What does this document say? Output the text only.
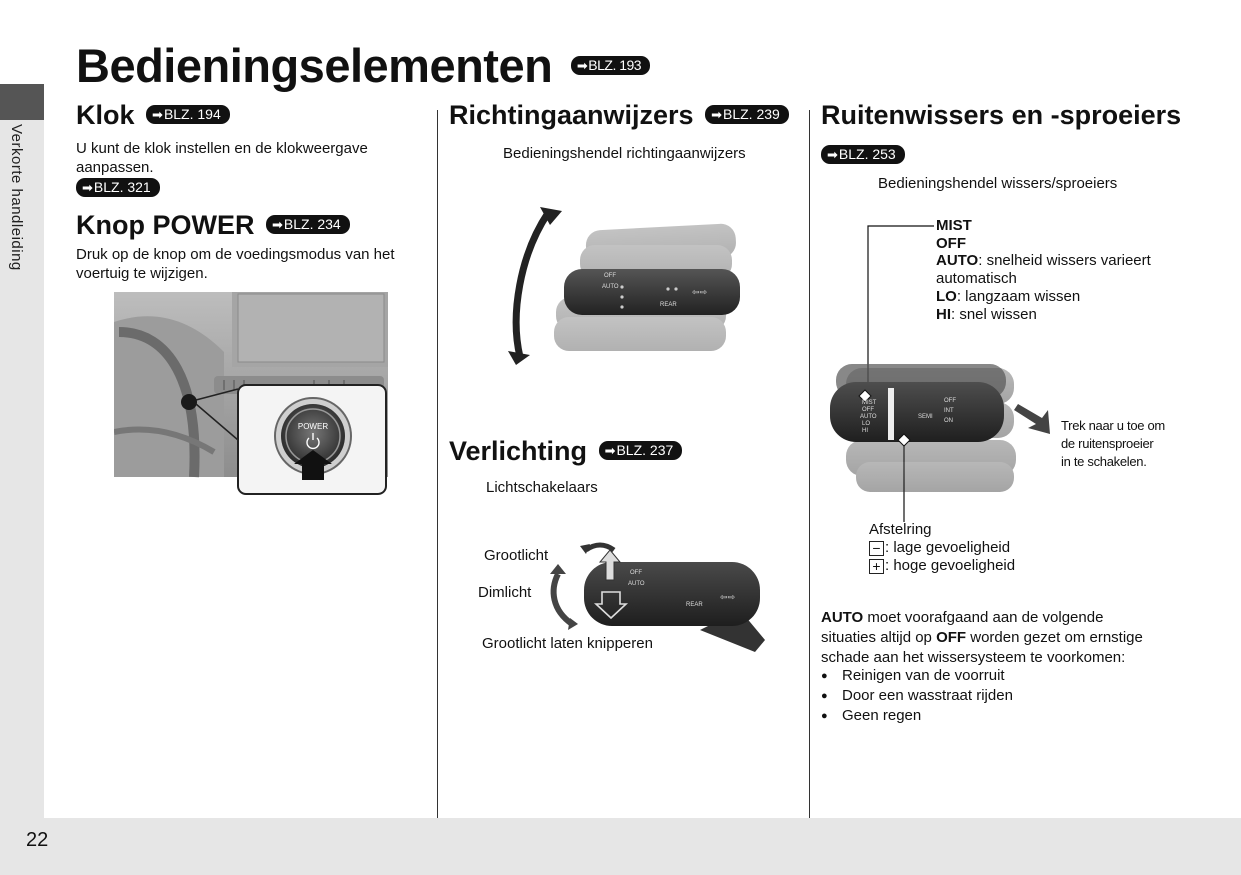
Verkorte handleiding
22
Bedieningselementen ➡BLZ. 193
Klok ➡BLZ. 194
U kunt de klok instellen en de klokweergave aanpassen.
➡BLZ. 321
Knop POWER ➡BLZ. 234
Druk op de knop om de voedingsmodus van het voertuig te wijzigen.
POWER
Richtingaanwijzers ➡BLZ. 239
Bedieningshendel richtingaanwijzers
OFF
AUTO
REAR
⇦⇨
Verlichting ➡BLZ. 237
Lichtschakelaars
Grootlicht
Dimlicht
Grootlicht laten knipperen
OFF
AUTO
REAR
⇦⇨
Ruitenwissers en -sproeiers
➡BLZ. 253
Bedieningshendel wissers/sproeiers
MIST
OFF
AUTO: snelheid wissers varieert
automatisch
LO: langzaam wissen
HI: snel wissen
MIST
OFF
AUTO
LO
HI
OFF
INT
ON
SEMI
Trek naar u toe om
de ruitensproeier
in te schakelen.
Afstelring
− : lage gevoeligheid
+ : hoge gevoeligheid
AUTO moet voorafgaand aan de volgende situaties altijd op OFF worden gezet om ernstige schade aan het wissersysteem te voorkomen:
● Reinigen van de voorruit
● Door een wasstraat rijden
● Geen regen
